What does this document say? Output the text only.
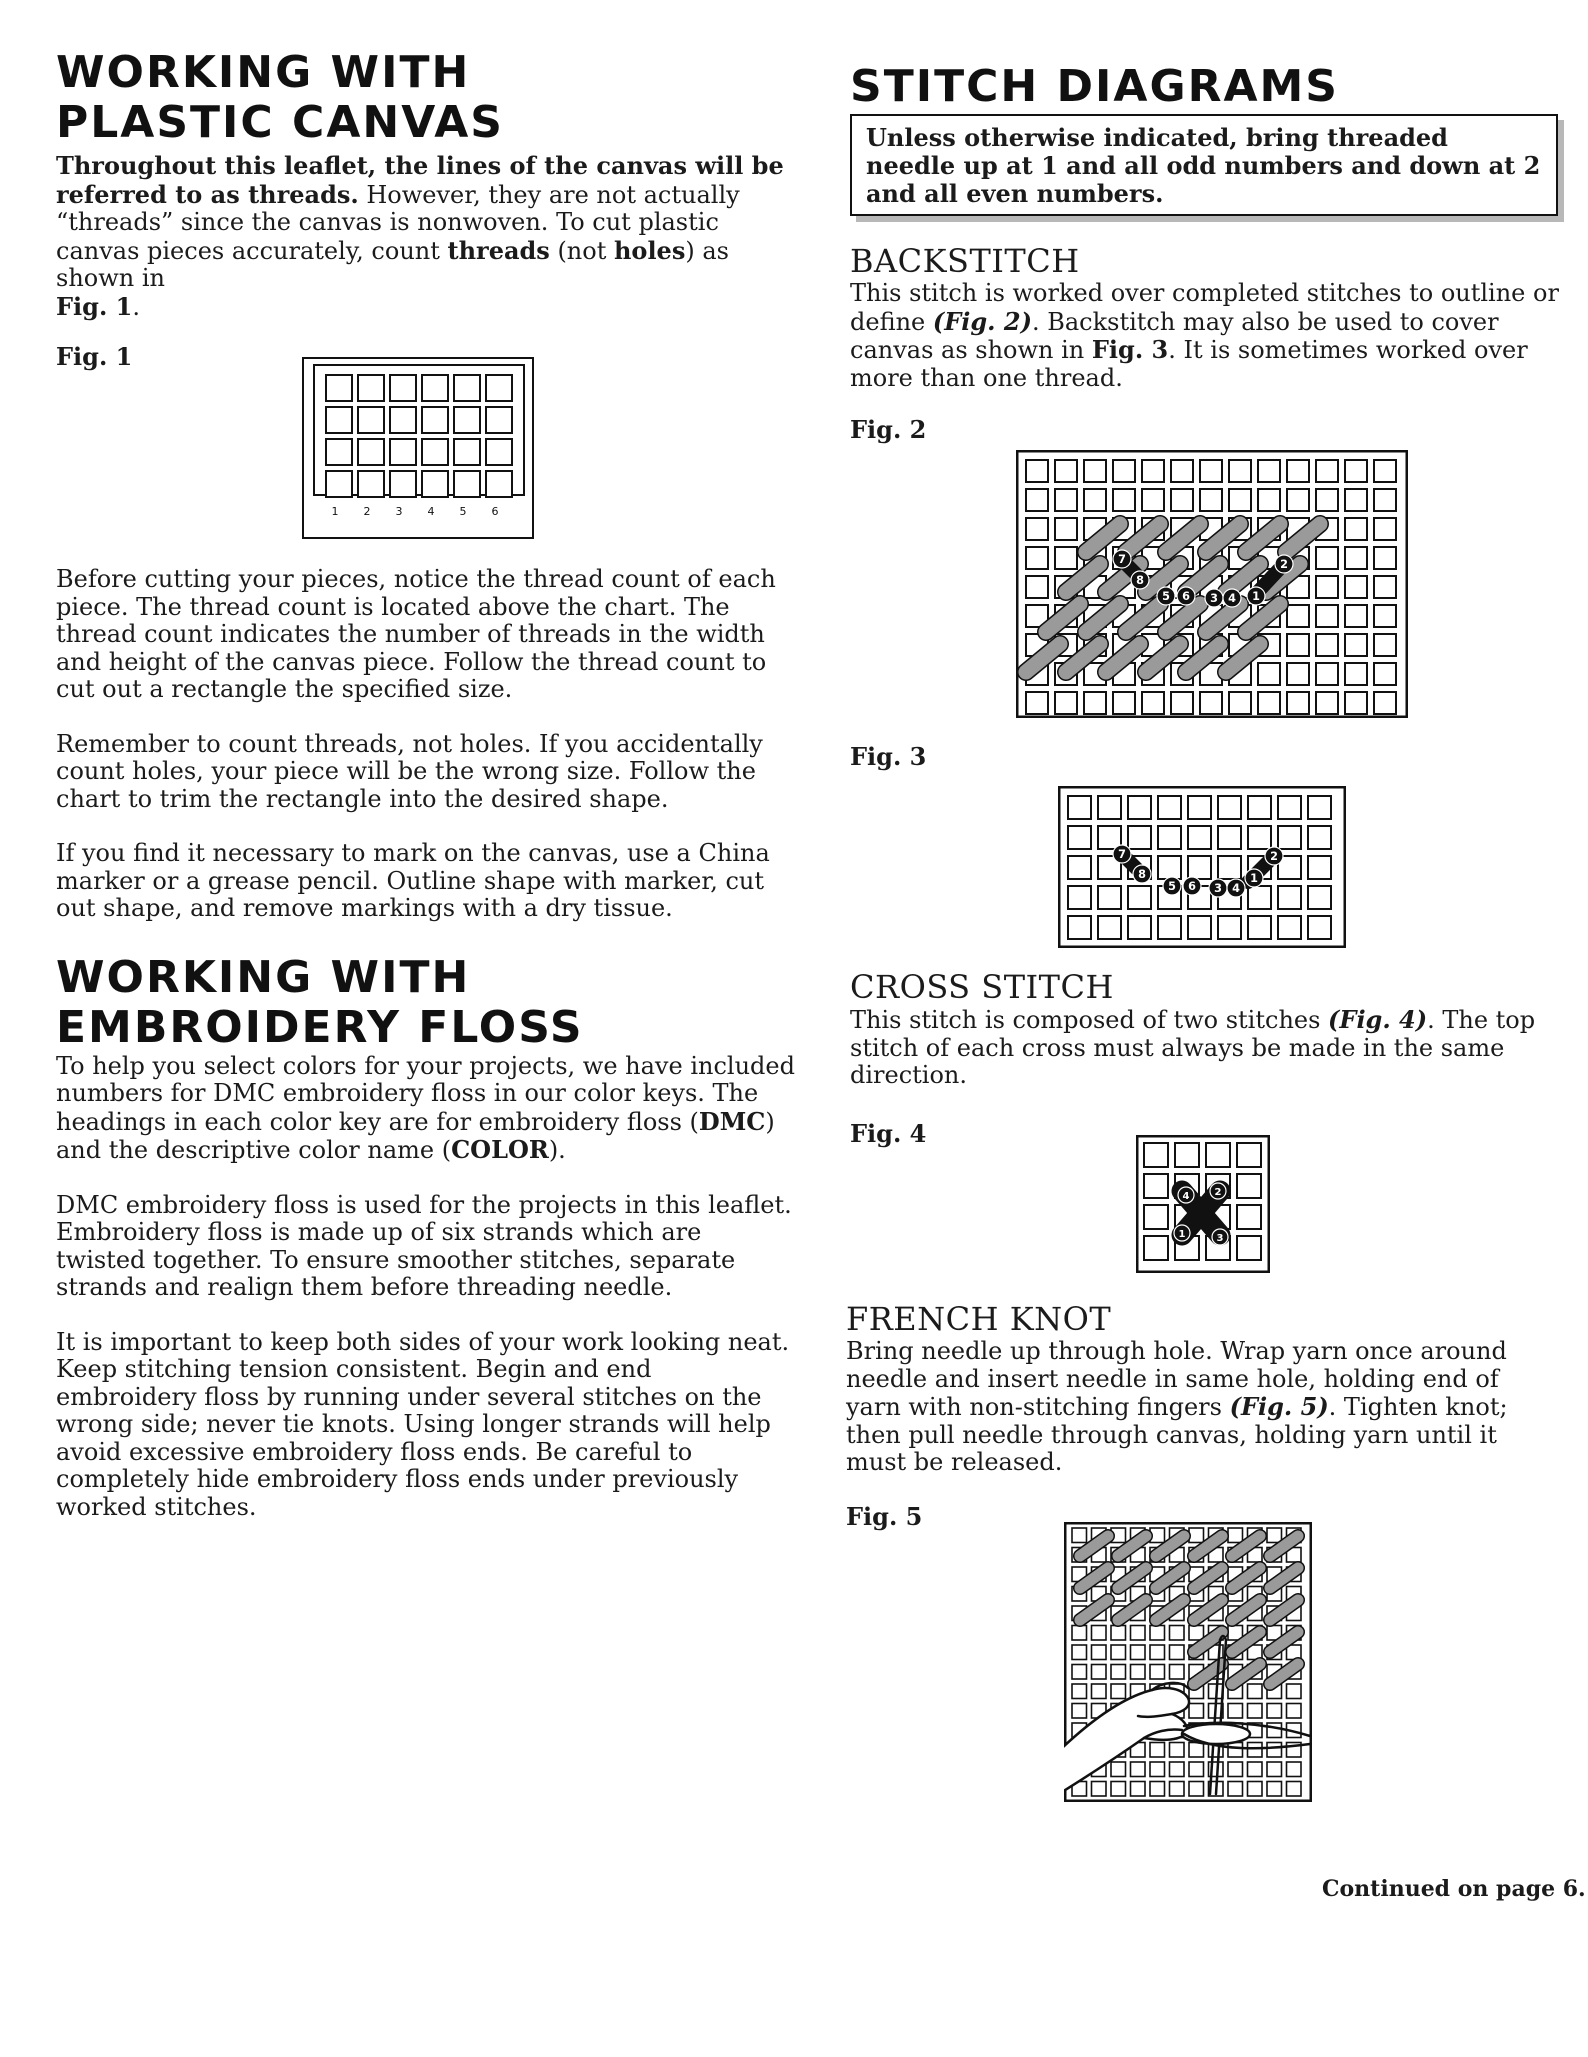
WORKING WITH
PLASTIC CANVAS

Throughout this leaflet, the lines of the canvas will be referred to as threads. However, they are not actually “threads” since the canvas is nonwoven. To cut plastic canvas pieces accurately, count threads (not holes) as shown in
Fig. 1.

Fig. 1

1 2 3 4 5 6

Before cutting your pieces, notice the thread count of each piece. The thread count is located above the chart. The thread count indicates the number of threads in the width and height of the canvas piece. Follow the thread count to cut out a rectangle the specified size.

Remember to count threads, not holes. If you accidentally count holes, your piece will be the wrong size. Follow the chart to trim the rectangle into the desired shape.

If you find it necessary to mark on the canvas, use a China marker or a grease pencil. Outline shape with marker, cut out shape, and remove markings with a dry tissue.

WORKING WITH
EMBROIDERY FLOSS

To help you select colors for your projects, we have included numbers for DMC embroidery floss in our color keys. The headings in each color key are for embroidery floss (DMC) and the descriptive color name (COLOR).

DMC embroidery floss is used for the projects in this leaflet. Embroidery floss is made up of six strands which are twisted together. To ensure smoother stitches, separate strands and realign them before threading needle.

It is important to keep both sides of your work looking neat. Keep stitching tension consistent. Begin and end embroidery floss by running under several stitches on the wrong side; never tie knots. Using longer strands will help avoid excessive embroidery floss ends. Be careful to completely hide embroidery floss ends under previously worked stitches.

STITCH DIAGRAMS
Unless otherwise indicated, bring threaded needle up at 1 and all odd numbers and down at 2 and all even numbers.
BACKSTITCH

This stitch is worked over completed stitches to outline or define (Fig. 2). Backstitch may also be used to cover canvas as shown in Fig. 3. It is sometimes worked over more than one thread.

Fig. 2

7
8
5 6 3 4 1
2

Fig. 3

7
8
5 6 3 4
1
2
CROSS STITCH

This stitch is composed of two stitches (Fig. 4). The top stitch of each cross must always be made in the same direction.

Fig. 4

4	2
1	3
FRENCH KNOT

Bring needle up through hole. Wrap yarn once around needle and insert needle in same hole, holding end of yarn with non-stitching fingers (Fig. 5). Tighten knot; then pull needle through canvas, holding yarn until it must be released.

Fig. 5

Continued on page 6.
